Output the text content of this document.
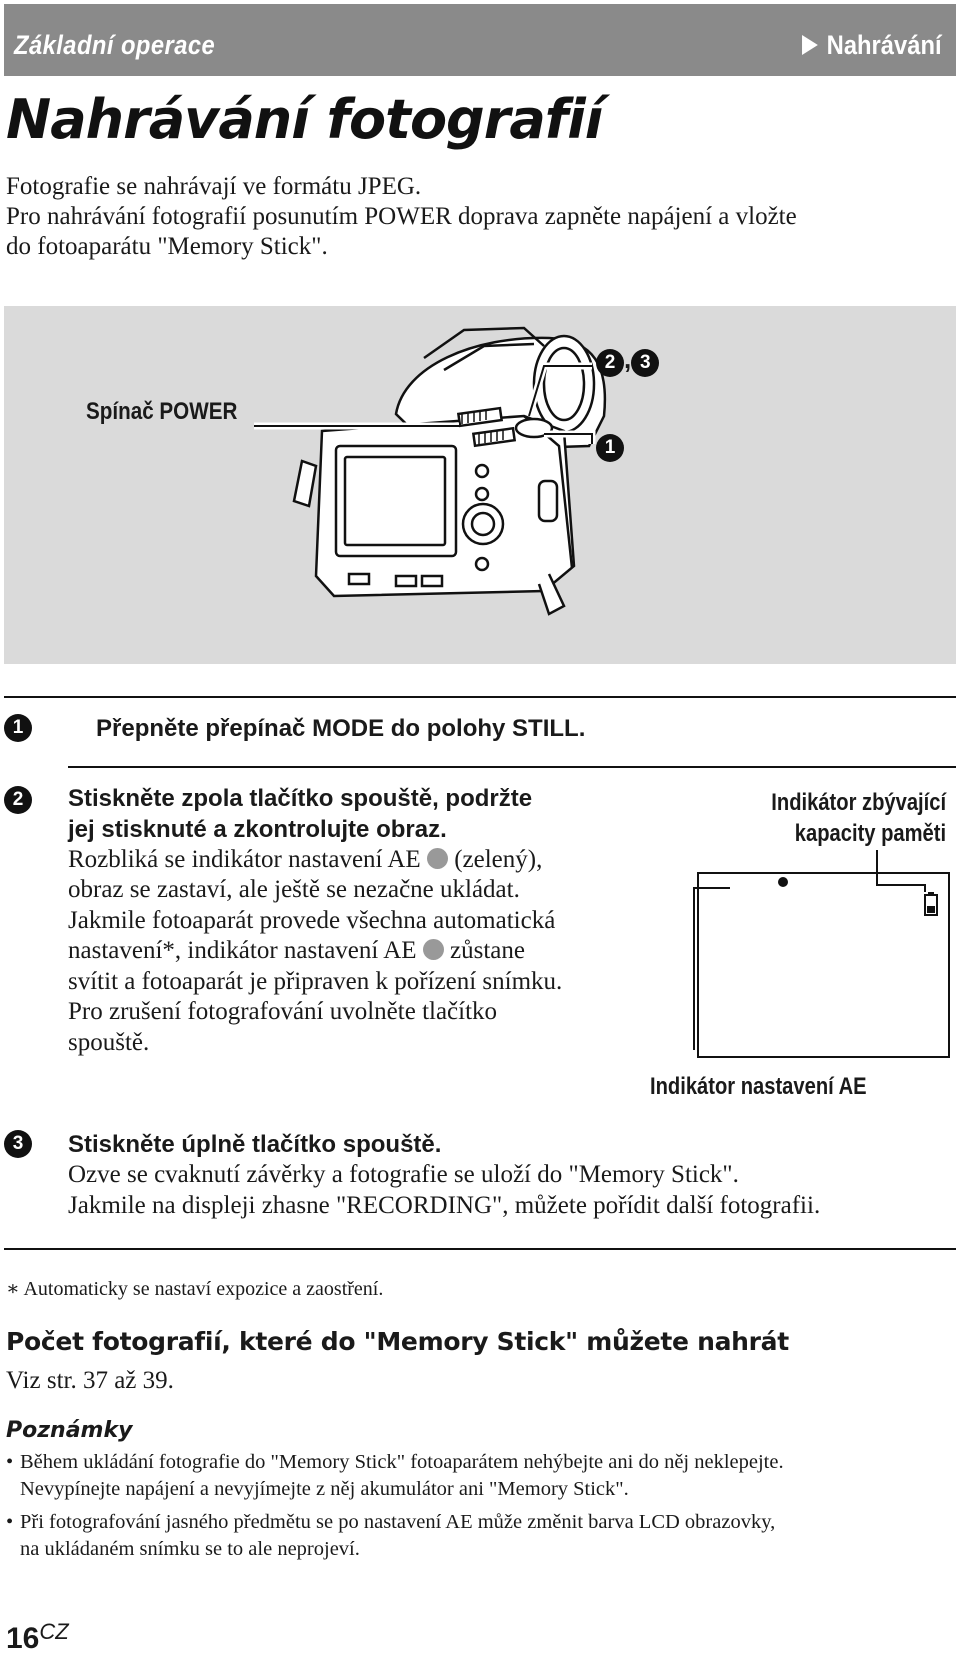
Základní operace	Nahrávání
Nahrávání fotografií
Fotografie se nahrávají ve formátu JPEG.
Pro nahrávání fotografií posunutím POWER doprava zapněte napájení a vložte
do fotoaparátu "Memory Stick".
Spínač POWER
2 , 3
1
1	Přepněte přepínač MODE do polohy STILL.
2	Stiskněte zpola tlačítko spouště, podržte
jej stisknuté a zkontrolujte obraz.
Rozbliká se indikátor nastavení AE (zelený),
obraz se zastaví, ale ještě se nezačne ukládat.
Jakmile fotoaparát provede všechna automatická
nastavení*, indikátor nastavení AE zůstane
svítit a fotoaparát je připraven k pořízení snímku.
Pro zrušení fotografování uvolněte tlačítko
spouště.
Indikátor zbývající
kapacity paměti
Indikátor nastavení AE
3	Stiskněte úplně tlačítko spouště.
Ozve se cvaknutí závěrky a fotografie se uloží do "Memory Stick".
Jakmile na displeji zhasne "RECORDING", můžete pořídit další fotografii.
∗ Automaticky se nastaví expozice a zaostření.
Počet fotografií, které do "Memory Stick" můžete nahrát
Viz str. 37 až 39.
Poznámky
• Během ukládání fotografie do "Memory Stick" fotoaparátem nehýbejte ani do něj neklepejte.
Nevypínejte napájení a nevyjímejte z něj akumulátor ani "Memory Stick".
• Při fotografování jasného předmětu se po nastavení AE může změnit barva LCD obrazovky,
na ukládaném snímku se to ale neprojeví.
$16^{CZ}$
